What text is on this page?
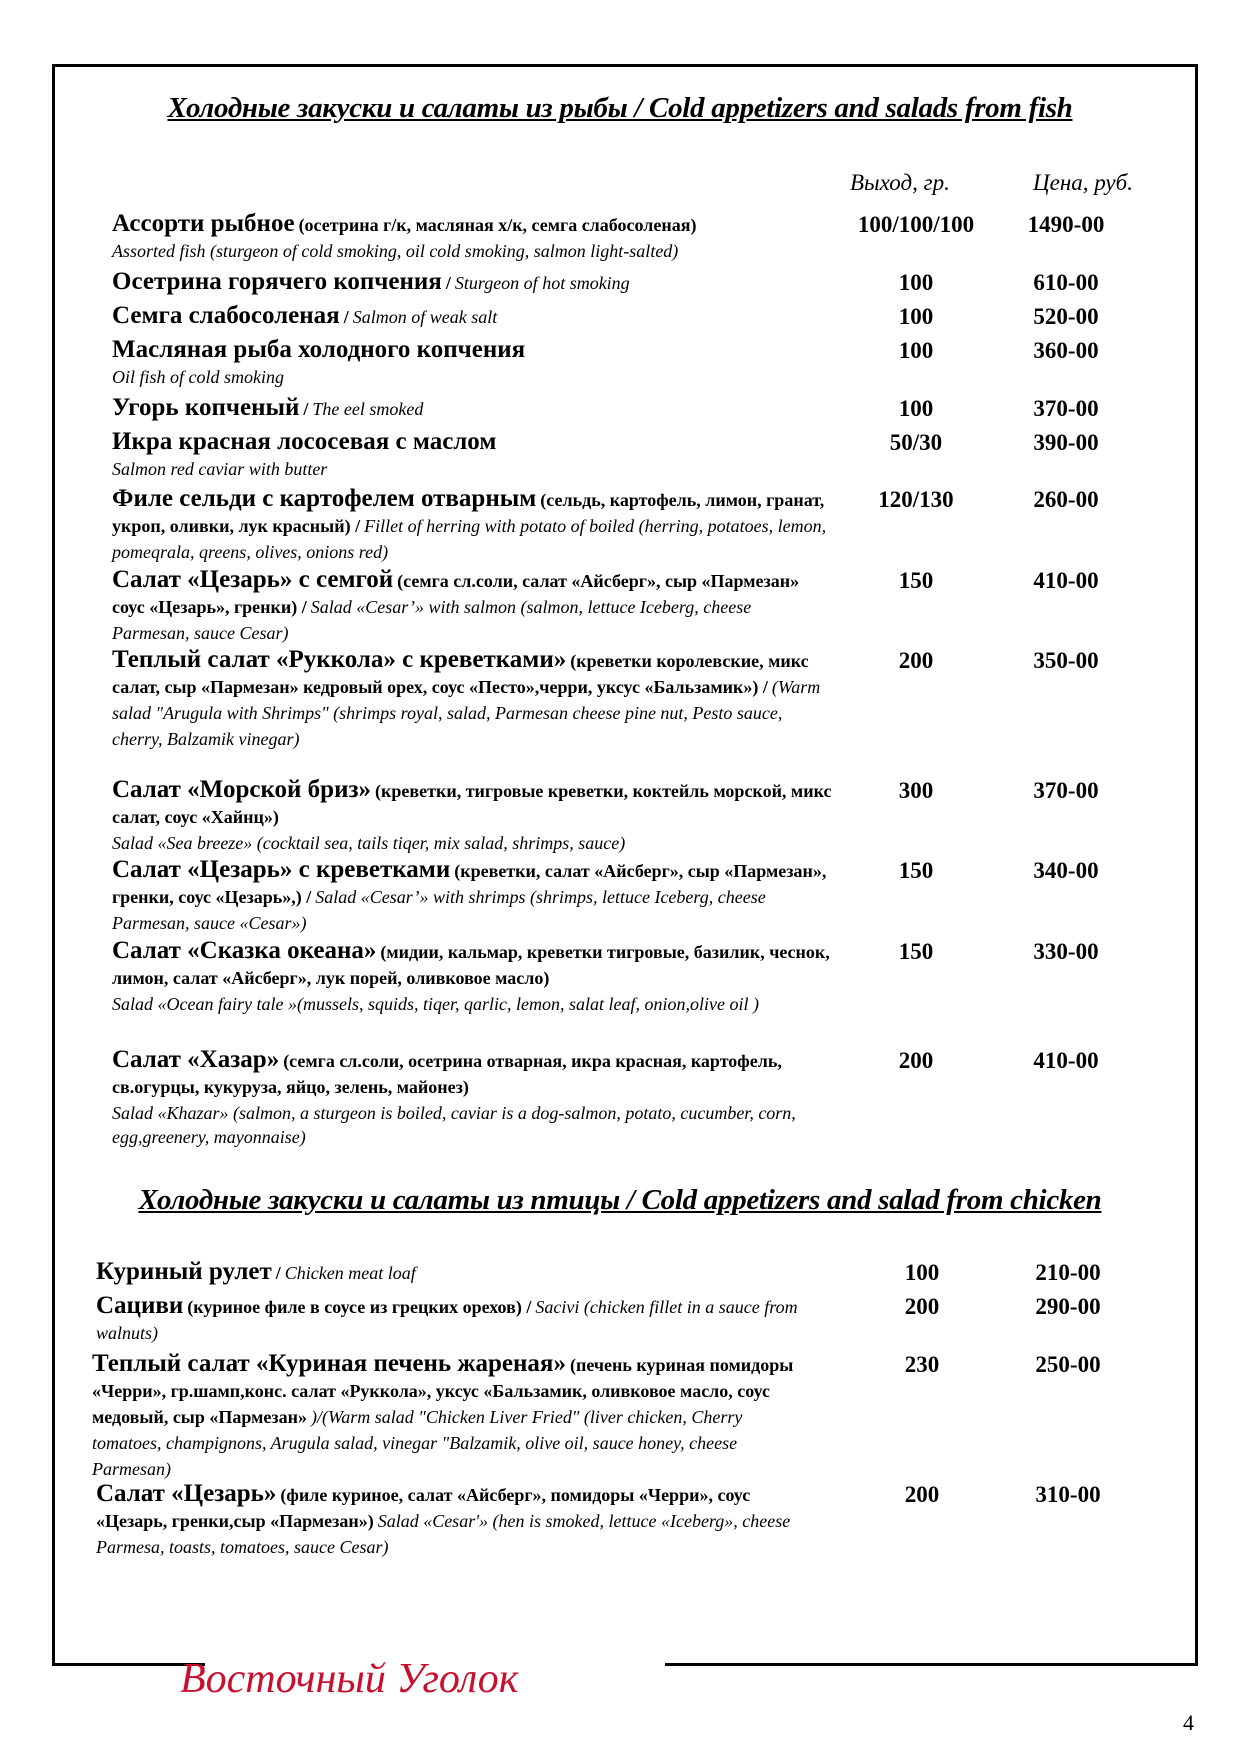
Холодные закуски и салаты из рыбы / Cold appetizers and salads from fish
Выход, гр.	Цена, руб.
Ассорти рыбное (осетрина г/к, масляная х/к, семга слабосоленая)
Assorted fish (sturgeon of cold smoking, oil cold smoking, salmon light-salted)
100/100/100	1490-00
Осетрина горячего копчения / Sturgeon of hot smoking	100	610-00
Семга слабосоленая / Salmon of weak salt	100	520-00
Масляная рыба холодного копчения
Oil fish of cold smoking
100	360-00
Угорь копченый / The eel smoked	100	370-00
Икра красная лососевая с маслом
Salmon red caviar with butter
50/30	390-00
Филе сельди с картофелем отварным (сельдь, картофель, лимон, гранат, укроп, оливки, лук красный) / Fillet of herring with potato of boiled (herring, potatoes, lemon, pomeqrala, qreens, olives, onions red)
120/130	260-00
Салат «Цезарь» с семгой (семга сл.соли, салат «Айсберг», сыр «Пармезан» соус «Цезарь», гренки) / Salad «Cesar’» with salmon (salmon, lettuce Iceberg, cheese Parmesan, sauce Cesar)
150	410-00
Теплый салат «Руккола» с креветками» (креветки королевские, микс салат, сыр «Пармезан» кедровый орех, соус «Песто»,черри, уксус «Бальзамик») / (Warm salad "Arugula with Shrimps" (shrimps royal, salad, Parmesan cheese pine nut, Pesto sauce, cherry, Balzamik vinegar)
200	350-00
Салат «Морской бриз» (креветки, тигровые креветки, коктейль морской, микс салат, соус «Хайнц»)
Salad «Sea breeze» (cocktail sea, tails tiqer, mix salad, shrimps, sauce)
300	370-00
Салат «Цезарь» с креветками (креветки, салат «Айсберг», сыр «Пармезан», гренки, соус «Цезарь»,) / Salad «Cesar’» with shrimps (shrimps, lettuce Iceberg, cheese Parmesan, sauce «Cesar»)
150	340-00
Салат «Сказка океана» (мидии, кальмар, креветки тигровые, базилик, чеснок, лимон, салат «Айсберг», лук порей, оливковое масло)
Salad «Ocean fairy tale »(mussels, squids, tiqer, qarlic, lemon, salat leaf, onion,olive oil )
150	330-00
Салат «Хазар» (семга сл.соли, осетрина отварная, икра красная, картофель, св.огурцы, кукуруза, яйцо, зелень, майонез)
Salad «Khazar» (salmon, a sturgeon is boiled, caviar is a dog-salmon, potato, cucumber, corn, egg,greenery, mayonnaise)
200	410-00
Холодные закуски и салаты из птицы / Cold appetizers and salad from chicken
Куриный рулет / Chicken meat loaf	100	210-00
Сациви (куриное филе в соусе из грецких орехов) / Sacivi (chicken fillet in a sauce from walnuts)
200	290-00
Теплый салат «Куриная печень жареная» (печень куриная помидоры «Черри», гр.шамп,конс. салат «Руккола», уксус «Бальзамик, оливковое масло, соус медовый, сыр «Пармезан» )/(Warm salad "Chicken Liver Fried" (liver chicken, Cherry tomatoes, champignons, Arugula salad, vinegar "Balzamik, olive oil, sauce honey, cheese Parmesan)
230	250-00
Салат «Цезарь» (филе куриное, салат «Айсберг», помидоры «Черри», соус «Цезарь, гренки,сыр «Пармезан») Salad «Cesar'» (hen is smoked, lettuce «Iceberg», cheese Parmesa, toasts, tomatoes, sauce Cesar)
200	310-00
Восточный Уголок
4
